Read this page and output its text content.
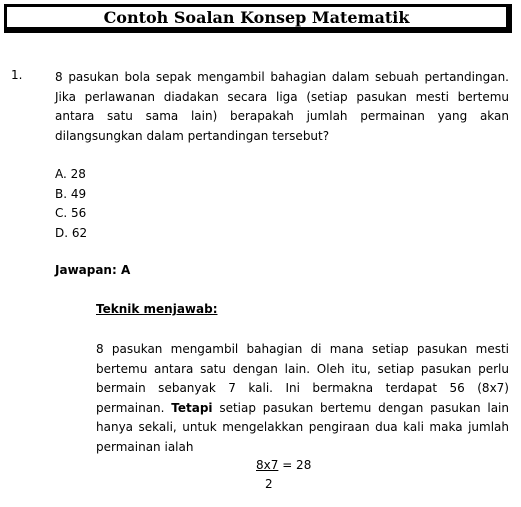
Contoh Soalan Konsep Matematik
1.	8 pasukan bola sepak mengambil bahagian dalam sebuah pertandingan. Jika perlawanan diadakan secara liga (setiap pasukan mesti bertemu antara satu sama lain) berapakah jumlah permainan yang akan dilangsungkan dalam pertandingan tersebut?

A. 28
B. 49
C. 56
D. 62
Jawapan: A
Teknik menjawab:

8 pasukan mengambil bahagian di mana setiap pasukan mesti bertemu antara satu dengan lain. Oleh itu, setiap pasukan perlu bermain sebanyak 7 kali. Ini bermakna terdapat 56 (8x7) permainan. Tetapi setiap pasukan bertemu dengan pasukan lain hanya sekali, untuk mengelakkan pengiraan dua kali maka jumlah permainan ialah

8x7 = 28
2
